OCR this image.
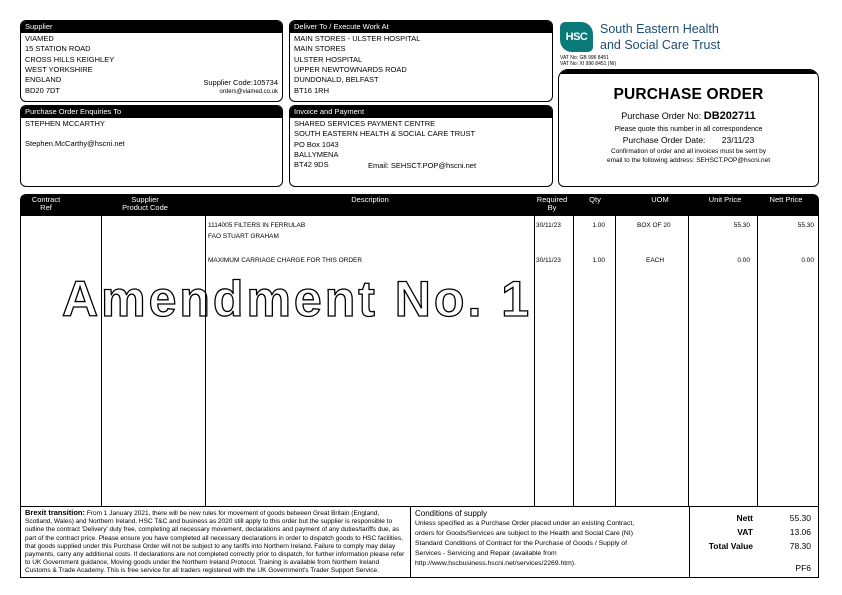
Supplier
VIAMED
15 STATION ROAD
CROSS HILLS KEIGHLEY
WEST YORKSHIRE
ENGLAND
BD20 7DT
Supplier Code:105734
orders@viamed.co.uk
Deliver To / Execute Work At
MAIN STORES - ULSTER HOSPITAL
MAIN STORES
ULSTER HOSPITAL
UPPER NEWTOWNARDS ROAD
DUNDONALD, BELFAST
BT16 1RH
Purchase Order Enquiries To
STEPHEN MCCARTHY
Stephen.McCarthy@hscni.net
Invoice and Payment
SHARED SERVICES PAYMENT CENTRE
SOUTH EASTERN HEALTH & SOCIAL CARE TRUST
PO Box 1043
BALLYMENA
BT42 9DS	Email: SEHSCT.POP@hscni.net
HSC
South Eastern Health
and Social Care Trust
VAT No: GB 996 8451
VAT No: XI 996 8451 (NI)
PURCHASE ORDER
Purchase Order No: DB202711
Please quote this number in all correspondence
Purchase Order Date: 23/11/23
Confirmation of order and all invoices must be sent by
email to the following address: SEHSCT.POP@hscni.net
Contract
Ref
Supplier
Product Code
Description	Required
By
Qty	UOM	Unit Price	Nett Price
1114005 FILTERS IN FERRULAB
FAO STUART GRAHAM
30/11/23	1.00	BOX OF 20	55.30	55.30
MAXIMUM CARRIAGE CHARGE FOR THIS ORDER	30/11/23	1.00	EACH	0.00	0.00
Amendment No. 1
Brexit transition: From 1 January 2021, there will be new rules for movement of goods between Great Britain (England, Scotland, Wales) and Northern Ireland. HSC T&C and business as 2020 still apply to this order but the supplier is responsible to outline the contract 'Delivery' duty free, completing all necessary movement, declarations and payment of any duties/tariffs due, as part of the contract price. Please ensure you have completed all necessary declarations in order to dispatch goods to HSC facilities, that goods supplied under this Purchase Order will not be subject to any tariffs into Northern Ireland. Failure to comply may delay payments, carry any additional costs. If declarations are not completed correctly prior to dispatch, for further information please refer to UK Government guidance, Moving goods under the Northern Ireland Protocol. Training is available from Northern Ireland Customs & Trade Academy. This is free service for all traders registered with the UK Government's Trader Support Service.
Conditions of supply
Unless specified as a Purchase Order placed under an existing Contract,
orders for Goods/Services are subject to the Health and Social Care (NI)
Standard Conditions of Contract for the Purchase of Goods / Supply of
Services - Servicing and Repair (available from
http://www.hscbusiness.hscni.net/services/2269.htm).
Nett	55.30
VAT	13.06
Total Value	78.30
PF6
